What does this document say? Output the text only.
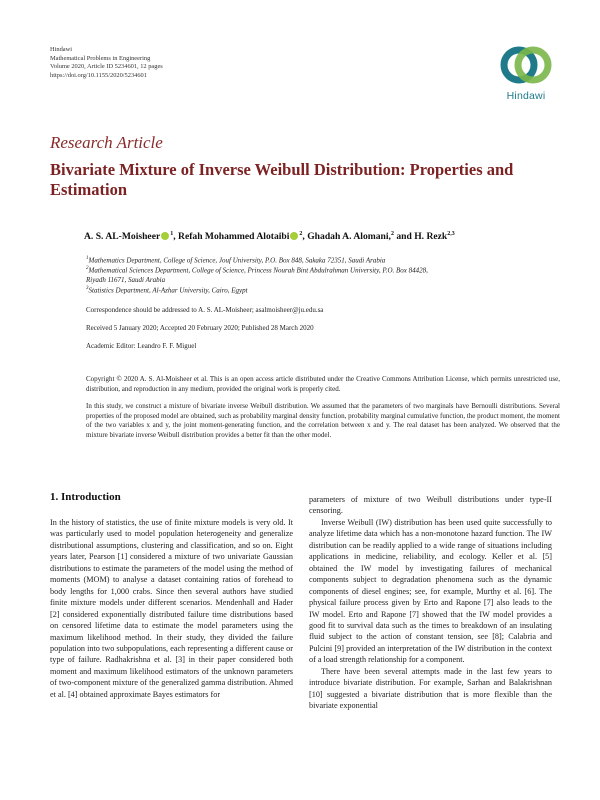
Hindawi
Mathematical Problems in Engineering
Volume 2020, Article ID 5234601, 12 pages
https://doi.org/10.1155/2020/5234601
Hindawi
Research Article
Bivariate Mixture of Inverse Weibull Distribution: Properties and Estimation
A. S. AL-Moisheer $^1$, Refah Mohammed Alotaibi $^2$, Ghadah A. Alomani,$^2$ and H. Rezk$^{2,3}$
$^1$Mathematics Department, College of Science, Jouf University, P.O. Box 848, Sakaka 72351, Saudi Arabia
$^2$Mathematical Sciences Department, College of Science, Princess Nourah Bint Abdulrahman University, P.O. Box 84428,
Riyadh 11671, Saudi Arabia
$^3$Statistics Department, Al-Azhar University, Cairo, Egypt
Correspondence should be addressed to A. S. AL-Moisheer; asalmoisheer@ju.edu.sa
Received 5 January 2020; Accepted 20 February 2020; Published 28 March 2020
Academic Editor: Leandro F. F. Miguel
Copyright © 2020 A. S. Al-Moisheer et al. This is an open access article distributed under the Creative Commons Attribution License, which permits unrestricted use, distribution, and reproduction in any medium, provided the original work is properly cited.
In this study, we construct a mixture of bivariate inverse Weibull distribution. We assumed that the parameters of two marginals have Bernoulli distributions. Several properties of the proposed model are obtained, such as probability marginal density function, probability marginal cumulative function, the product moment, the moment of the two variables x and y, the joint moment-generating function, and the correlation between x and y. The real dataset has been analyzed. We observed that the mixture bivariate inverse Weibull distribution provides a better fit than the other model.
1. Introduction

In the history of statistics, the use of finite mixture models is very old. It was particularly used to model population heterogeneity and generalize distributional assumptions, clustering and classification, and so on. Eight years later, Pearson [1] considered a mixture of two univariate Gaussian distributions to estimate the parameters of the model using the method of moments (MOM) to analyse a dataset containing ratios of forehead to body lengths for 1,000 crabs. Since then several authors have studied finite mixture models under different scenarios. Mendenhall and Hader [2] considered exponentially distributed failure time distributions based on censored lifetime data to estimate the model parameters using the maximum likelihood method. In their study, they divided the failure population into two subpopulations, each representing a different cause or type of failure. Radhakrishna et al. [3] in their paper considered both moment and maximum likelihood estimators of the unknown parameters of two-component mixture of the generalized gamma distribution. Ahmed et al. [4] obtained approximate Bayes estimators for

parameters of mixture of two Weibull distributions under type-II censoring.

Inverse Weibull (IW) distribution has been used quite successfully to analyze lifetime data which has a non-monotone hazard function. The IW distribution can be readily applied to a wide range of situations including applications in medicine, reliability, and ecology. Keller et al. [5] obtained the IW model by investigating failures of mechanical components subject to degradation phenomena such as the dynamic components of diesel engines; see, for example, Murthy et al. [6]. The physical failure process given by Erto and Rapone [7] also leads to the IW model. Erto and Rapone [7] showed that the IW model provides a good fit to survival data such as the times to breakdown of an insulating fluid subject to the action of constant tension, see [8]; Calabria and Pulcini [9] provided an interpretation of the IW distribution in the context of a load strength relationship for a component.

There have been several attempts made in the last few years to introduce bivariate distribution. For example, Sarhan and Balakrishnan [10] suggested a bivariate distribution that is more flexible than the bivariate exponential
